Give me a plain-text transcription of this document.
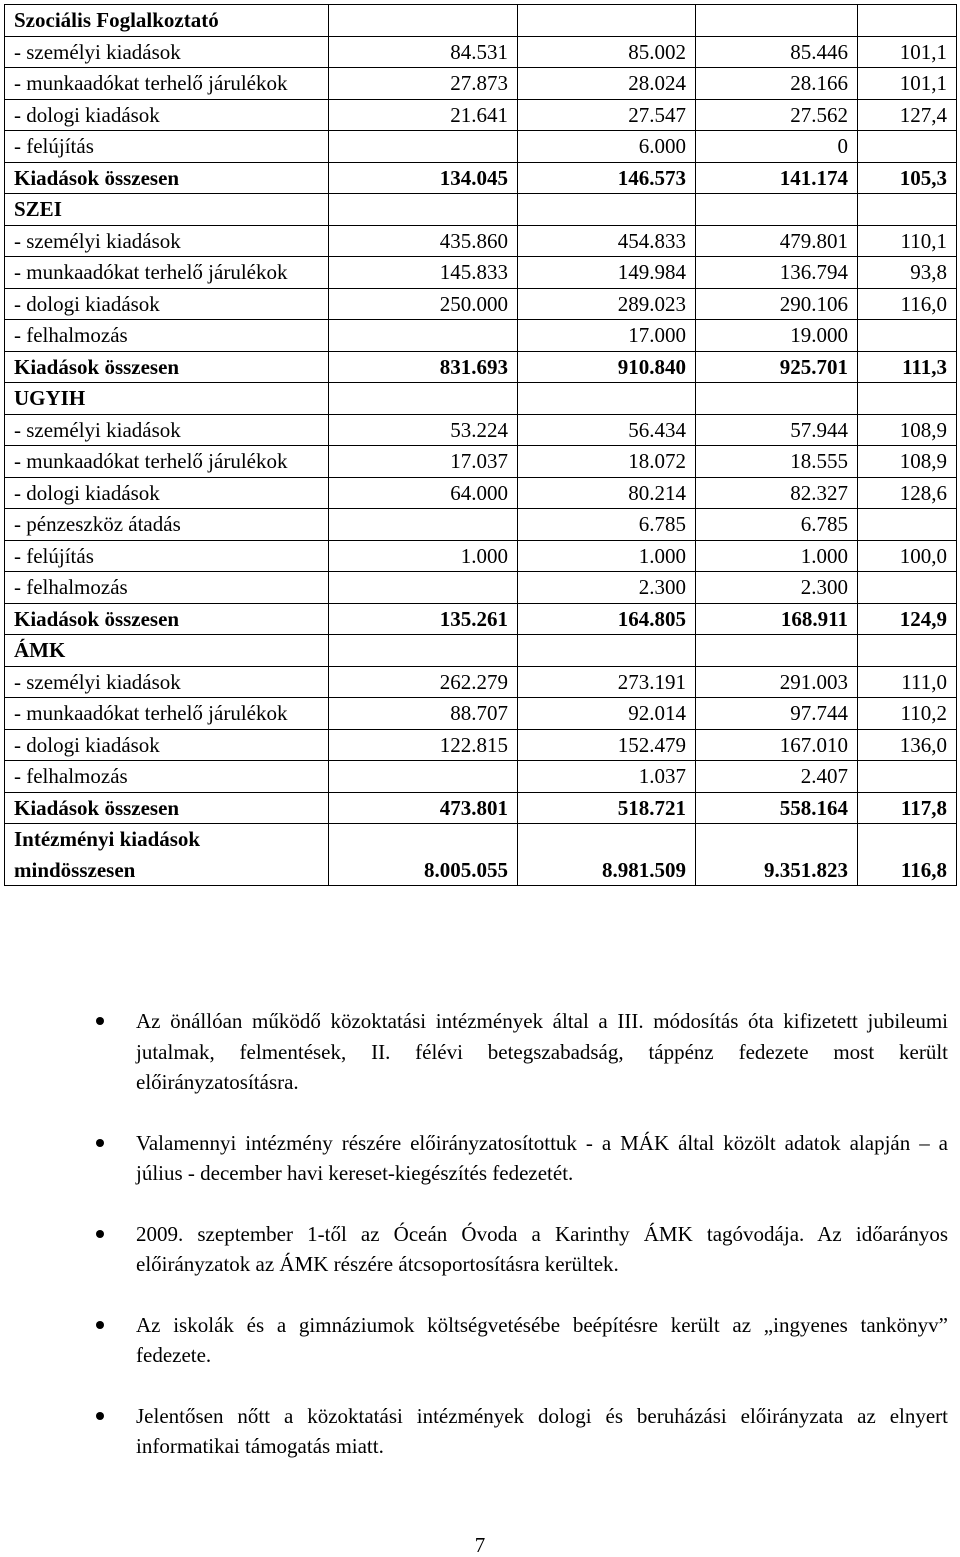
Szociális Foglalkoztató				
- személyi kiadások	84.531	85.002	85.446	101,1
- munkaadókat terhelő járulékok	27.873	28.024	28.166	101,1
- dologi kiadások	21.641	27.547	27.562	127,4
- felújítás		6.000	0	
Kiadások összesen	134.045	146.573	141.174	105,3
SZEI				
- személyi kiadások	435.860	454.833	479.801	110,1
- munkaadókat terhelő járulékok	145.833	149.984	136.794	93,8
- dologi kiadások	250.000	289.023	290.106	116,0
- felhalmozás		17.000	19.000	
Kiadások összesen	831.693	910.840	925.701	111,3
UGYIH				
- személyi kiadások	53.224	56.434	57.944	108,9
- munkaadókat terhelő járulékok	17.037	18.072	18.555	108,9
- dologi kiadások	64.000	80.214	82.327	128,6
- pénzeszköz átadás		6.785	6.785	
- felújítás	1.000	1.000	1.000	100,0
- felhalmozás		2.300	2.300	
Kiadások összesen	135.261	164.805	168.911	124,9
ÁMK				
- személyi kiadások	262.279	273.191	291.003	111,0
- munkaadókat terhelő járulékok	88.707	92.014	97.744	110,2
- dologi kiadások	122.815	152.479	167.010	136,0
- felhalmozás		1.037	2.407	
Kiadások összesen	473.801	518.721	558.164	117,8
Intézményi kiadások mindösszesen	8.005.055	8.981.509	9.351.823	116,8
Az önállóan működő közoktatási intézmények által a III. módosítás óta kifizetett jubileumi jutalmak, felmentések, II. félévi betegszabadság, táppénz fedezete most került előirányzatosításra.
Valamennyi intézmény részére előirányzatosítottuk - a MÁK által közölt adatok alapján – a július - december havi kereset-kiegészítés fedezetét.
2009. szeptember 1-től az Óceán Óvoda a Karinthy ÁMK tagóvodája. Az időarányos előirányzatok az ÁMK részére átcsoportosításra kerültek.
Az iskolák és a gimnáziumok költségvetésébe beépítésre került az „ingyenes tankönyv” fedezete.
Jelentősen nőtt a közoktatási intézmények dologi és beruházási előirányzata az elnyert informatikai támogatás miatt.
7
